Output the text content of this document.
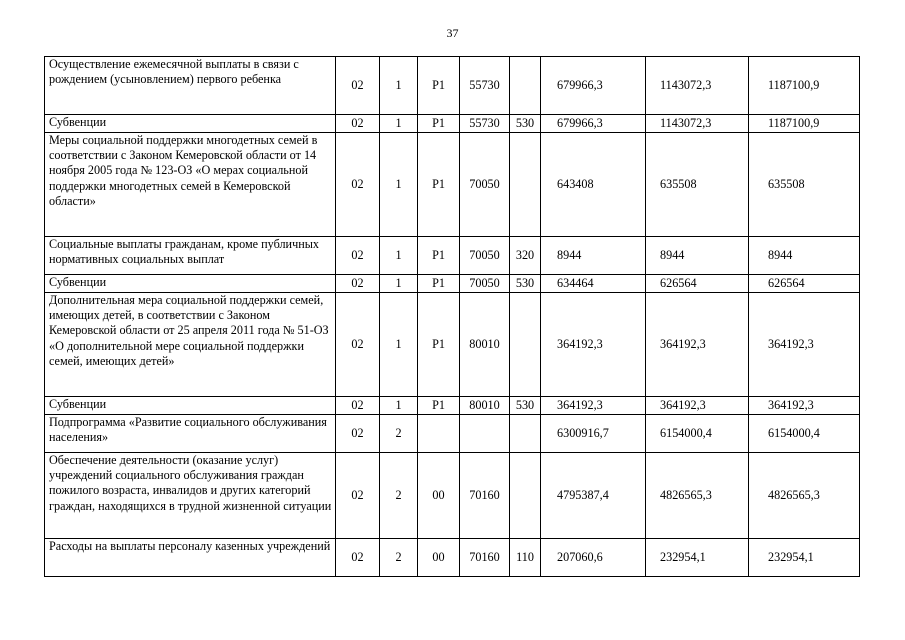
37
Осуществление ежемесячной выплаты в связи с рождением (усыновлением) первого ребенка	02	1	P1	55730		679966,3	1143072,3	1187100,9
Субвенции	02	1	P1	55730	530	679966,3	1143072,3	1187100,9
Меры социальной поддержки многодетных семей в соответствии с Законом Кемеровской области от 14 ноября 2005 года № 123-ОЗ «О мерах социальной поддержки многодетных семей в Кемеровской области»	02	1	P1	70050		643408	635508	635508
Социальные выплаты гражданам, кроме публичных нормативных социальных выплат	02	1	P1	70050	320	8944	8944	8944
Субвенции	02	1	P1	70050	530	634464	626564	626564
Дополнительная мера социальной поддержки семей, имеющих детей, в соответствии с Законом Кемеровской области от 25 апреля 2011 года № 51-ОЗ «О дополнительной мере социальной поддержки семей, имеющих детей»	02	1	P1	80010		364192,3	364192,3	364192,3
Субвенции	02	1	P1	80010	530	364192,3	364192,3	364192,3
Подпрограмма «Развитие социального обслуживания населения»	02	2				6300916,7	6154000,4	6154000,4
Обеспечение деятельности (оказание услуг) учреждений социального обслуживания граждан пожилого возраста, инвалидов и других категорий граждан, находящихся в трудной жизненной ситуации	02	2	00	70160		4795387,4	4826565,3	4826565,3
Расходы на выплаты персоналу казенных учреждений	02	2	00	70160	110	207060,6	232954,1	232954,1
